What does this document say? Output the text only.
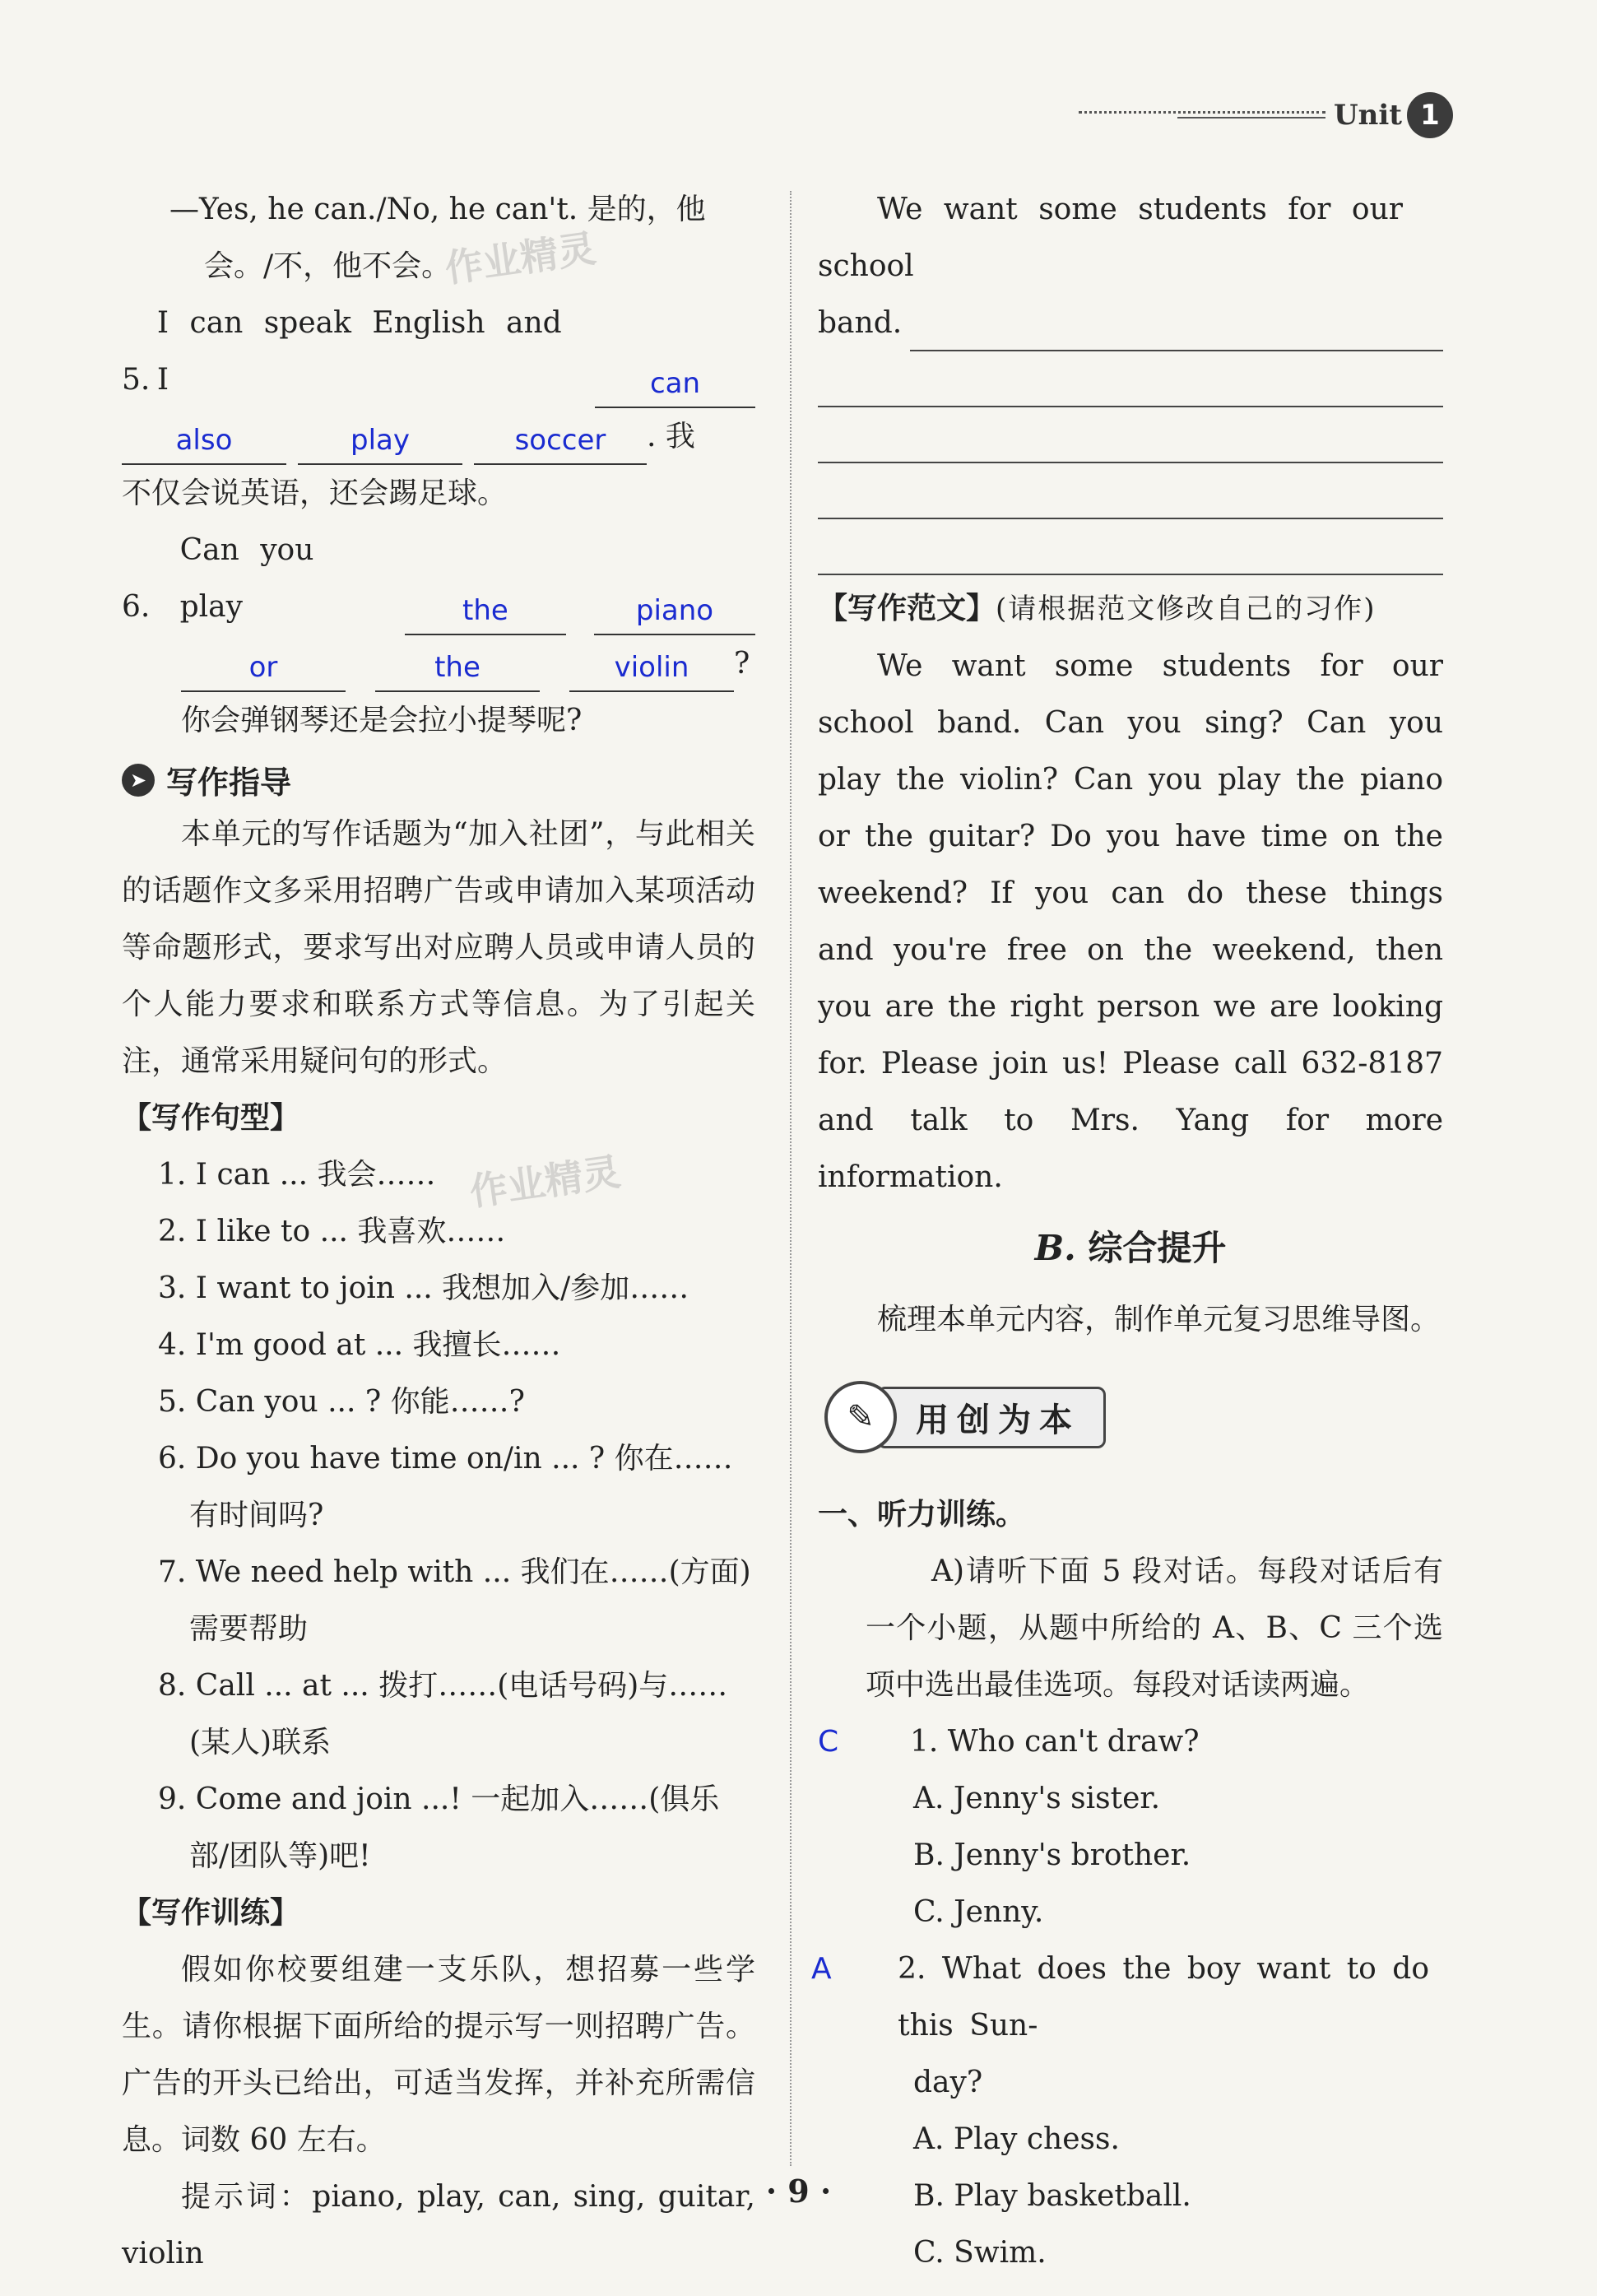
Unit 1

—Yes, he can./No, he can't. 是的，他

会。/不，他不会。

5.
I can speak English and I	can
also	play	soccer	. 我

不仅会说英语，还会踢足球。

6.
Can you play	the	piano
or	the	violin	?

你会弹钢琴还是会拉小提琴呢?

➤ 写作指导

本单元的写作话题为“加入社团”，与此相关的话题作文多采用招聘广告或申请加入某项活动等命题形式，要求写出对应聘人员或申请人员的个人能力要求和联系方式等信息。为了引起关注，通常采用疑问句的形式。

【写作句型】
1. I can ... 我会……
2. I like to ... 我喜欢……
3. I want to join ... 我想加入/参加……
4. I'm good at ... 我擅长……
5. Can you ... ? 你能……?
6. Do you have time on/in ... ? 你在……有时间吗?
7. We need help with ... 我们在……(方面)需要帮助
8. Call ... at ... 拨打……(电话号码)与……(某人)联系
9. Come and join ...! 一起加入……(俱乐部/团队等)吧!
【写作训练】

假如你校要组建一支乐队，想招募一些学生。请你根据下面所给的提示写一则招聘广告。广告的开头已给出，可适当发挥，并补充所需信息。词数 60 左右。

提示词：piano, play, can, sing, guitar, violin

作业精灵
作业精灵

We want some students for our school

band.

【写作范文】(请根据范文修改自己的习作)

We want some students for our school band. Can you sing? Can you play the violin? Can you play the piano or the guitar? Do you have time on the weekend? If you can do these things and you're free on the weekend, then you are the right person we are looking for. Please join us! Please call 632-8187 and talk to Mrs. Yang for more information.

B. 综合提升

梳理本单元内容，制作单元复习思维导图。

✎	用创为本
一、听力训练。

A)请听下面 5 段对话。每段对话后有一个小题，从题中所给的 A、B、C 三个选项中选出最佳选项。每段对话读两遍。

C	1. Who can't draw?
A. Jenny's sister.
B. Jenny's brother.
C. Jenny.
A	2. What does the boy want to do this Sun-
day?
A. Play chess.
B. Play basketball.
C. Swim.
· 9 ·
